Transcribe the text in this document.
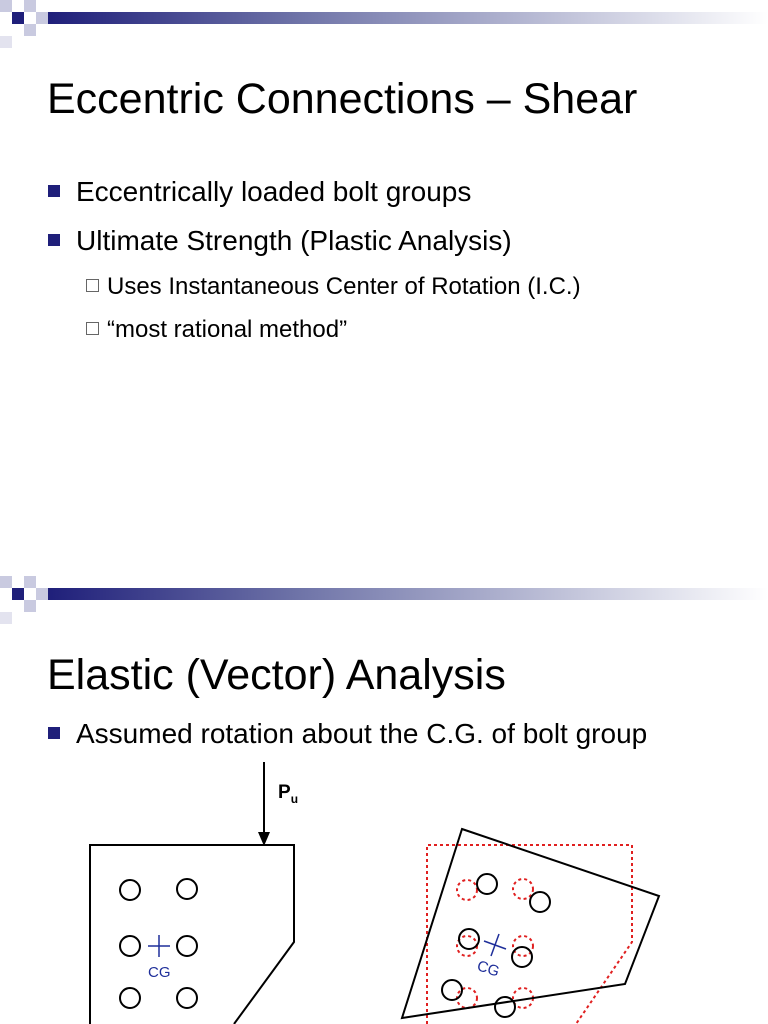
Eccentric Connections – Shear
Eccentrically loaded bolt groups
Ultimate Strength (Plastic Analysis)
Uses Instantaneous Center of Rotation (I.C.)
“most rational method”
Elastic (Vector) Analysis
Assumed rotation about the C.G. of bolt group
$P_u$
CG	CG
